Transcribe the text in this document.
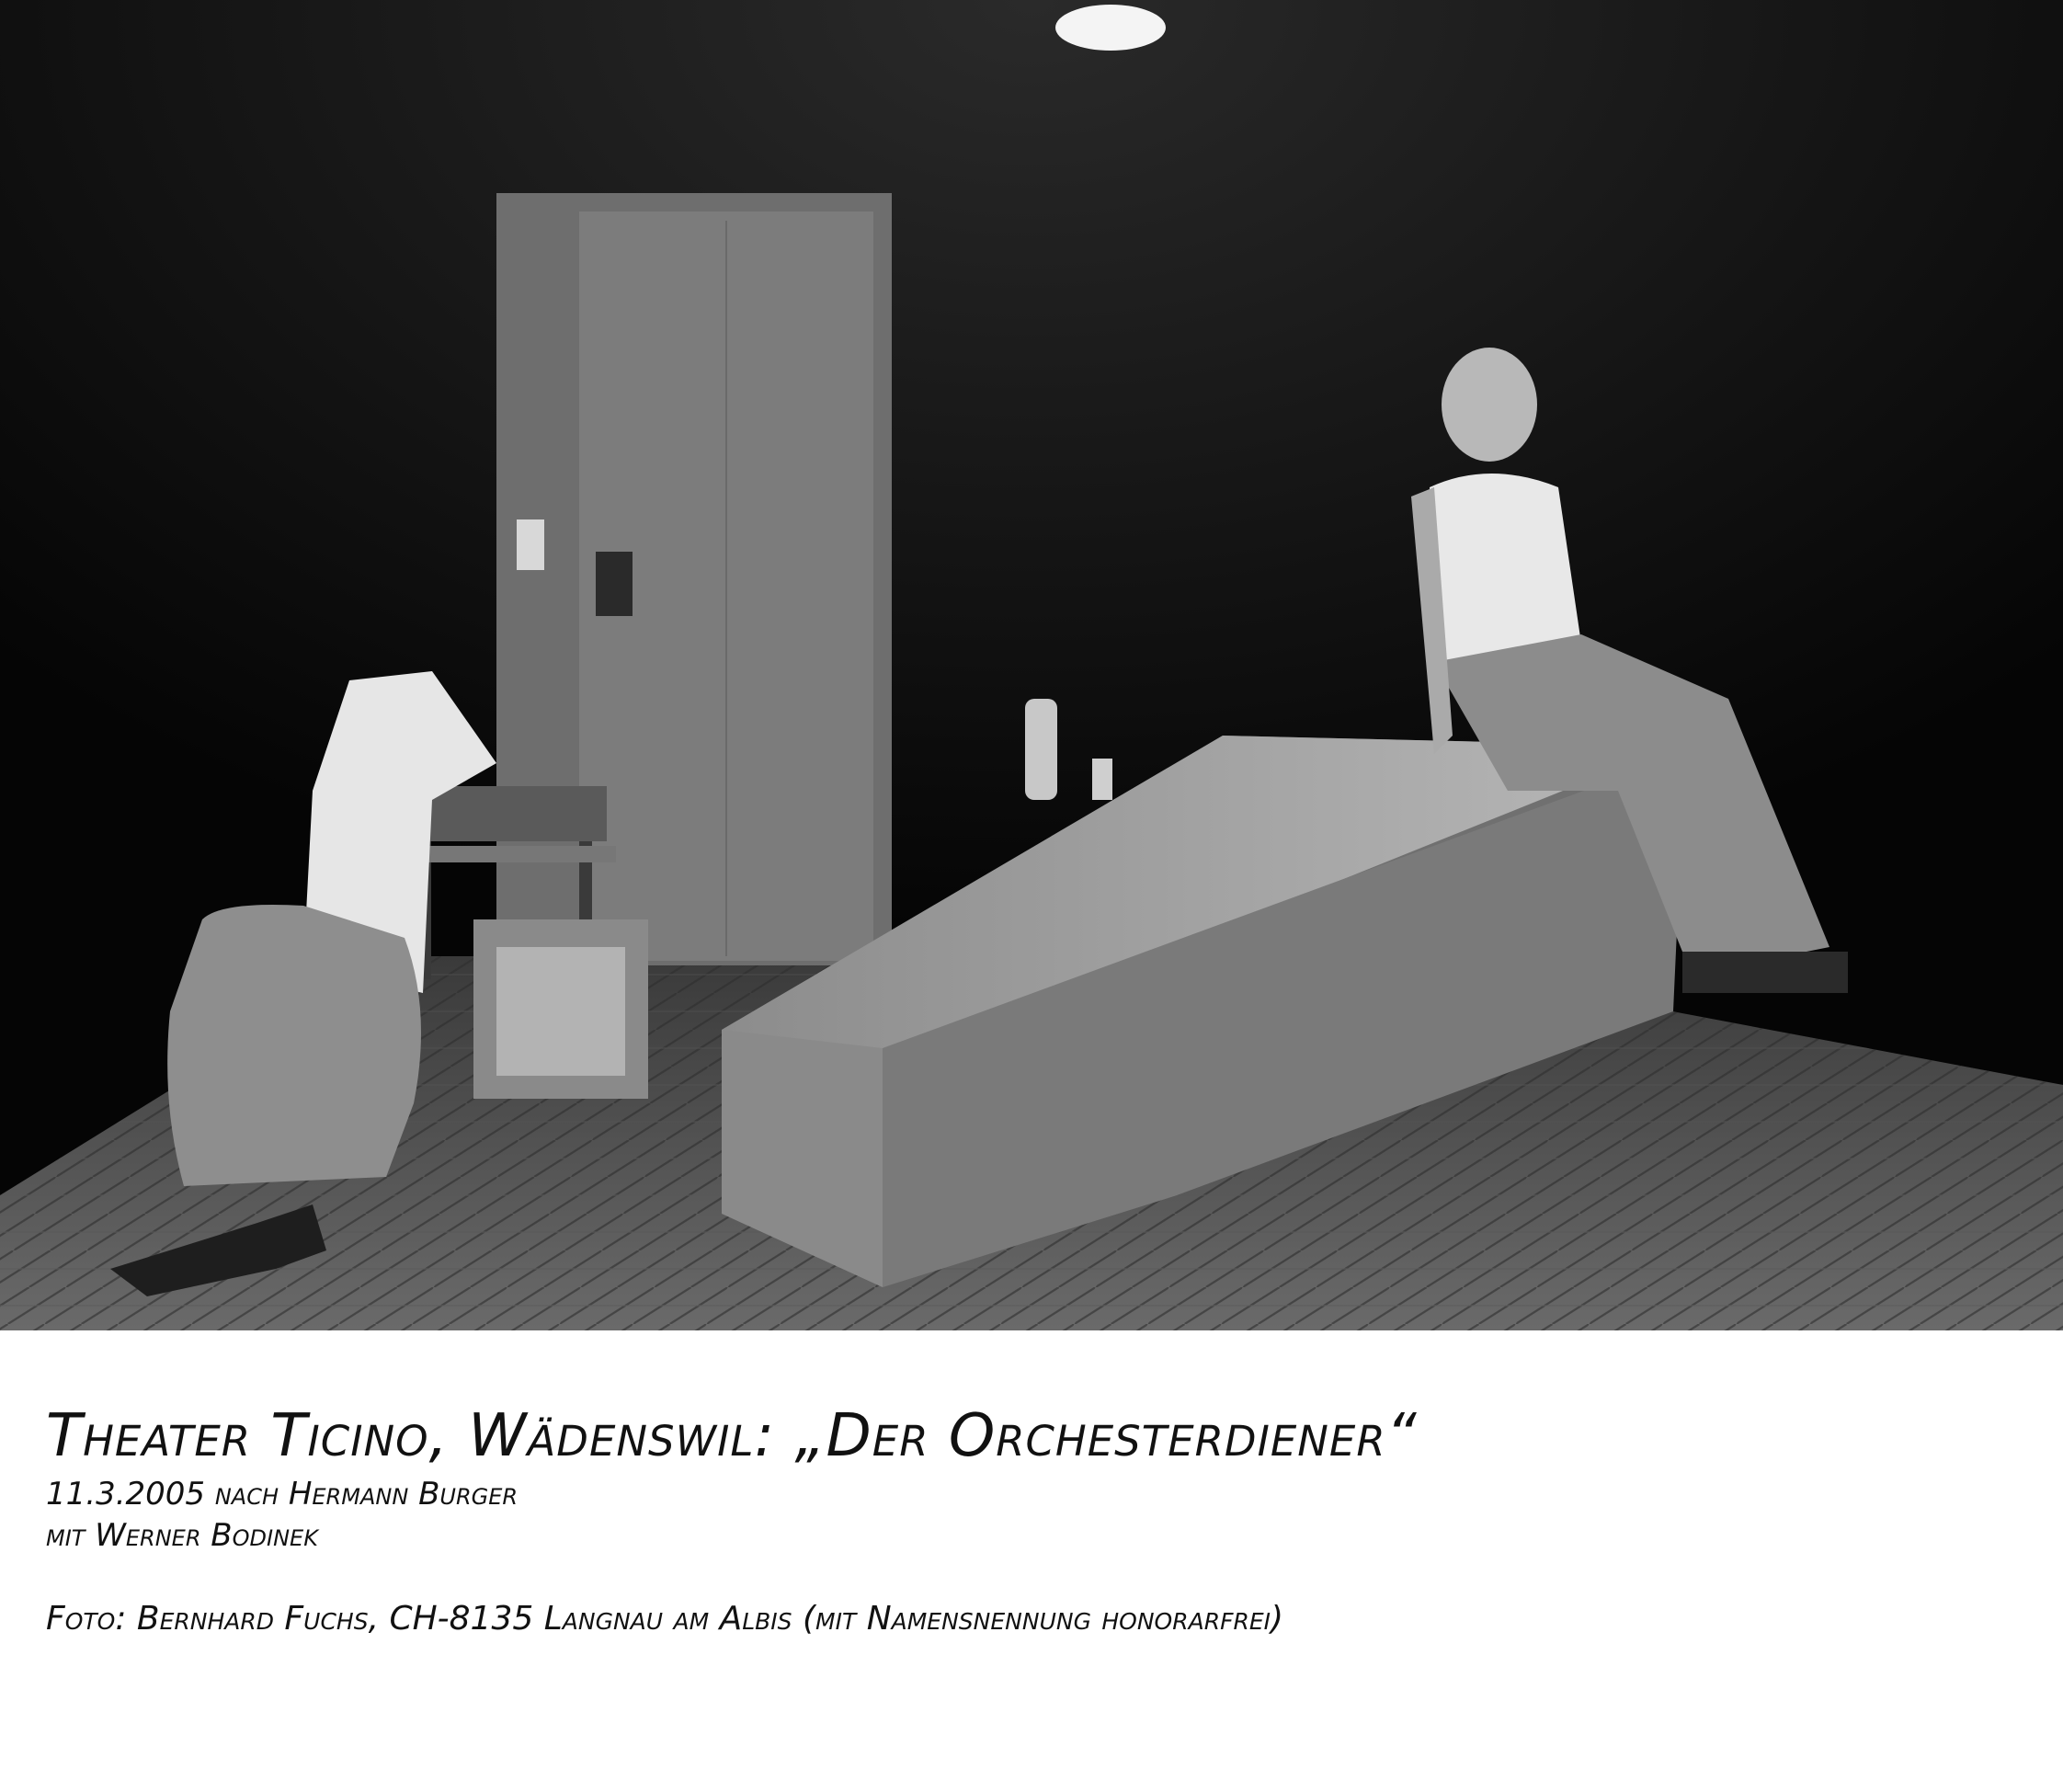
Theater Ticino, Wädenswil: „Der Orchesterdiener“
11.3.2005 nach Hermann Burger
mit Werner Bodinek
Foto: Bernhard Fuchs, CH-8135 Langnau am Albis (mit Namensnennung honorarfrei)
